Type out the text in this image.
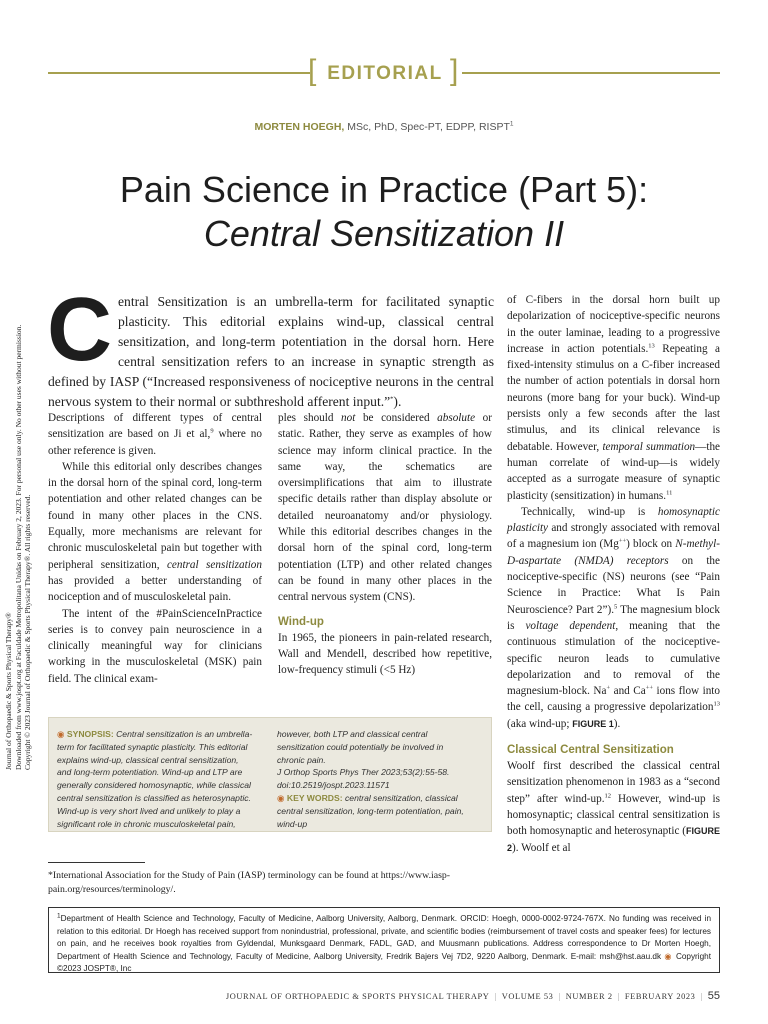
[ EDITORIAL ]
MORTEN HOEGH, MSc, PhD, Spec-PT, EDPP, RISPT$^1$
Pain Science in Practice (Part 5):
Central Sensitization II
Journal of Orthopaedic & Sports Physical Therapy® Downloaded from www.jospt.org at Faculdade Metropolitana Unidas on February 2, 2023. For personal use only. No other uses without permission. Copyright © 2023 Journal of Orthopaedic & Sports Physical Therapy®. All rights reserved.
Central Sensitization is an umbrella-term for facilitated synaptic plasticity. This editorial explains wind-up, classical central sensitization, and long-term potentiation in the dorsal horn. Here central sensitization refers to an increase in synaptic strength as defined by IASP (“Increased responsiveness of nociceptive neurons in the central nervous system to their normal or subthreshold afferent input.”*).

Descriptions of different types of central sensitization are based on Ji et al,$^9$ where no other reference is given.

While this editorial only describes changes in the dorsal horn of the spinal cord, long-term potentiation and other related changes can be found in many other places in the CNS. Equally, more mechanisms are relevant for chronic musculoskeletal pain but together with peripheral sensitization, central sensitization has provided a better understanding of nociception and of musculoskeletal pain.

The intent of the #PainScienceInPractice series is to convey pain neuroscience in a clinically meaningful way for clinicians working in the musculoskeletal (MSK) pain field. The clinical exam-

ples should not be considered absolute or static. Rather, they serve as examples of how science may inform clinical practice. In the same way, the schematics are oversimplifications that aim to illustrate specific details rather than display absolute or detailed neuroanatomy and/or physiology. While this editorial describes changes in the dorsal horn of the spinal cord, long-term potentiation (LTP) and other related changes can be found in many other places in the central nervous system (CNS).

Wind-up

In 1965, the pioneers in pain-related research, Wall and Mendell, described how repetitive, low-frequency stimuli (<5 Hz)

◉ SYNOPSIS: Central sensitization is an umbrella-term for facilitated synaptic plasticity. This editorial explains wind-up, classical central sensitization, and long-term potentiation. Wind-up and LTP are generally considered homosynaptic, while classical central sensitization is classified as heterosynaptic. Wind-up is very short lived and unlikely to play a significant role in chronic musculoskeletal pain,
however, both LTP and classical central sensitization could potentially be involved in chronic pain.
J Orthop Sports Phys Ther 2023;53(2):55-58. doi:10.2519/jospt.2023.11571
◉ KEY WORDS: central sensitization, classical central sensitization, long-term potentiation, pain, wind-up

of C-fibers in the dorsal horn built up depolarization of nociceptive-specific neurons in the outer laminae, leading to a progressive increase in action potentials.$^{13}$ Repeating a fixed-intensity stimulus on a C-fiber increased the number of action potentials in dorsal horn neurons (more bang for your buck). Wind-up persists only a few seconds after the last stimulus, and its clinical relevance is debatable. However, temporal summation—the human correlate of wind-up—is widely accepted as a surrogate measure of synaptic plasticity (sensitization) in humans.$^{11}$

Technically, wind-up is homosynaptic plasticity and strongly associated with removal of a magnesium ion (Mg++) block on N-methyl-D-aspartate (NMDA) receptors on the nociceptive-specific (NS) neurons (see “Pain Science in Practice: What Is Pain Neuroscience? Part 2”).$^5$ The magnesium block is voltage dependent, meaning that the continuous stimulation of the nociceptive-specific neuron leads to cumulative depolarization and to removal of the magnesium-block. Na+ and Ca++ ions flow into the cell, causing a progressive depolarization$^{13}$ (aka wind-up; FIGURE 1).

Classical Central Sensitization

Woolf first described the classical central sensitization phenomenon in 1983 as a “second step” after wind-up.$^{12}$ However, wind-up is homosynaptic; classical central sensitization is both homosynaptic and heterosynaptic (FIGURE 2). Woolf et al

*International Association for the Study of Pain (IASP) terminology can be found at https://www.iasp-pain.org/resources/terminology/.
$^1$Department of Health Science and Technology, Faculty of Medicine, Aalborg University, Aalborg, Denmark. ORCID: Hoegh, 0000-0002-9724-767X. No funding was received in relation to this editorial. Dr Hoegh has received support from nonindustrial, professional, private, and scientific bodies (reimbursement of travel costs and speaker fees) for lectures on pain, and he receives book royalties from Gyldendal, Munksgaard Denmark, FADL, GAD, and Muusmann publications. Address correspondence to Dr Morten Hoegh, Department of Health Science and Technology, Faculty of Medicine, Aalborg University, Fredrik Bajers Vej 7D2, 9220 Aalborg, Denmark. E-mail: msh@hst.aau.dk ◉ Copyright ©2023 JOSPT®, Inc
JOURNAL OF ORTHOPAEDIC & SPORTS PHYSICAL THERAPY | VOLUME 53 | NUMBER 2 | FEBRUARY 2023 | 55
